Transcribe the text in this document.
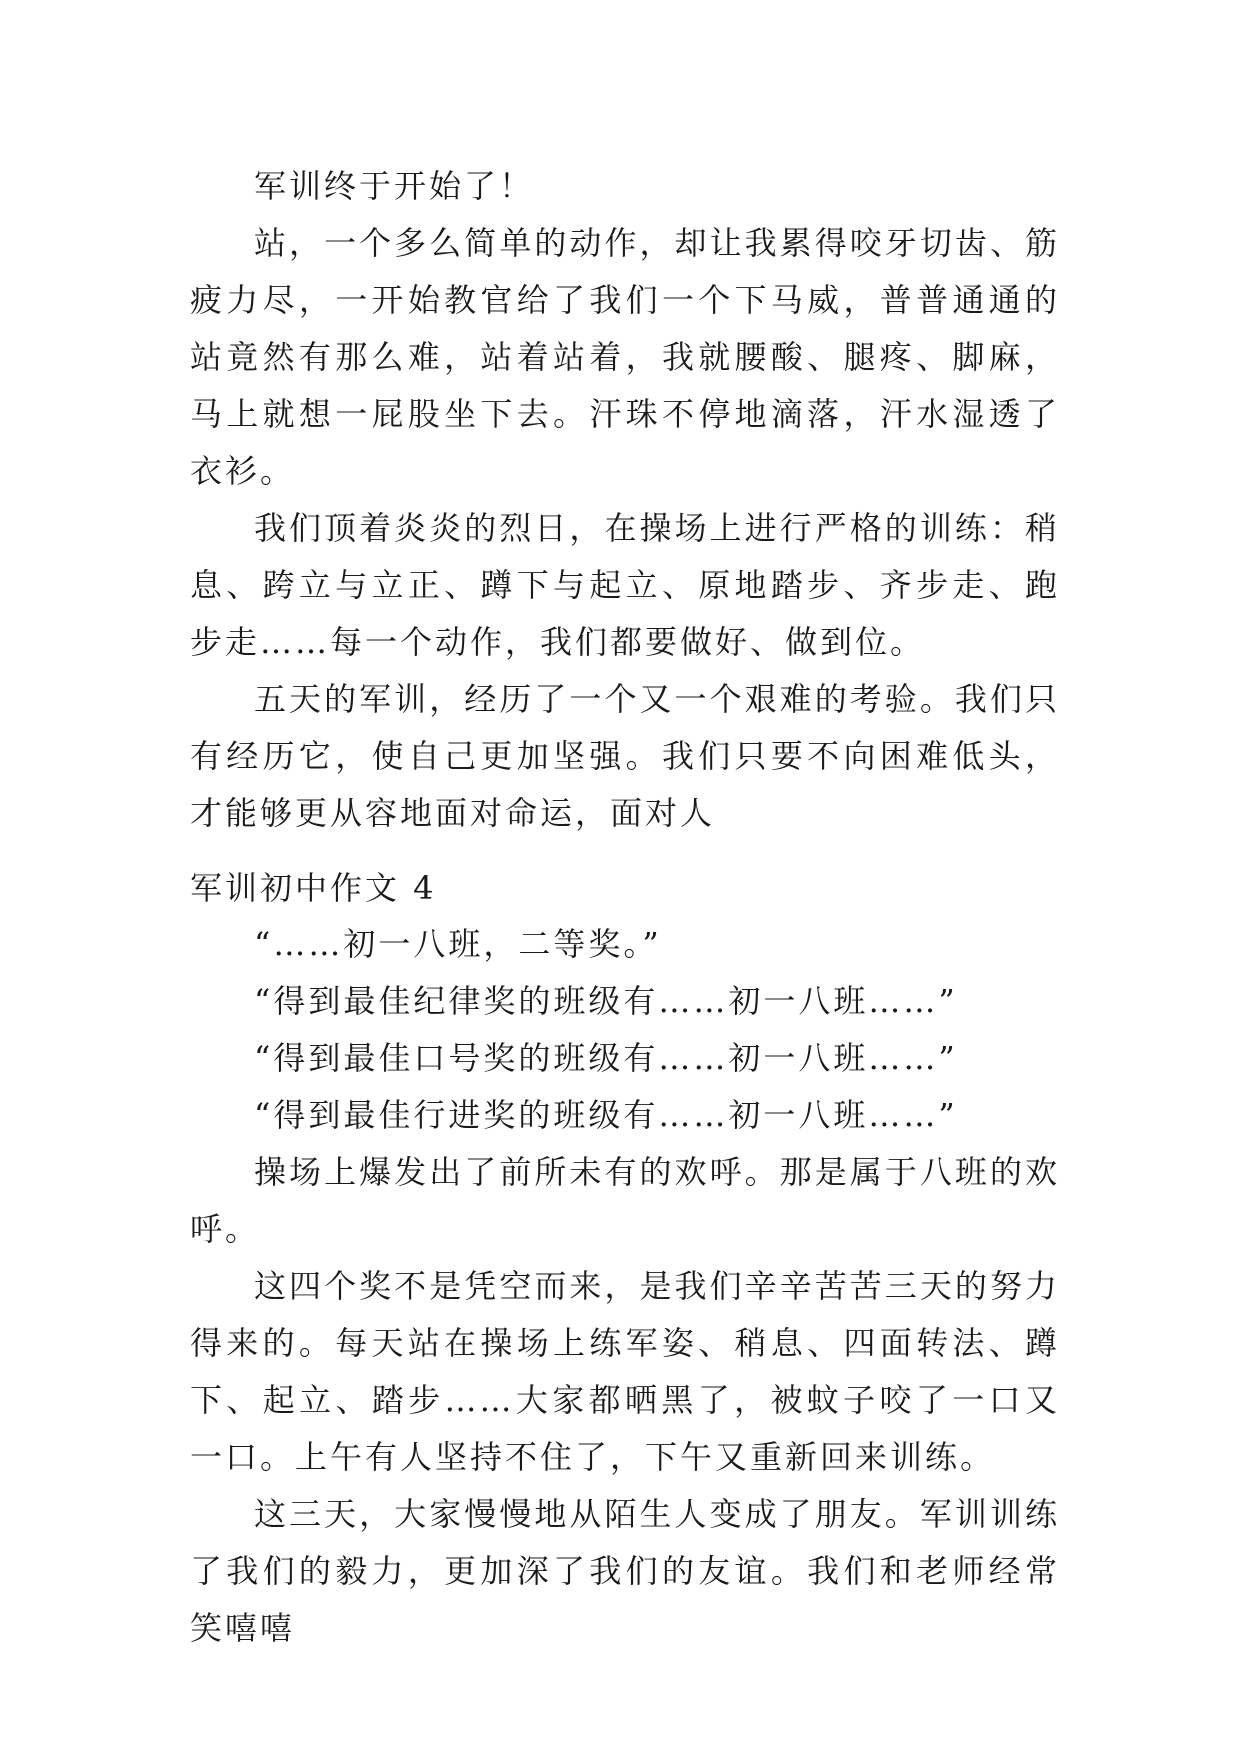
军训终于开始了！

站，一个多么简单的动作，却让我累得咬牙切齿、筋疲力尽，一开始教官给了我们一个下马威，普普通通的站竟然有那么难，站着站着，我就腰酸、腿疼、脚麻，马上就想一屁股坐下去。汗珠不停地滴落，汗水湿透了衣衫。

我们顶着炎炎的烈日，在操场上进行严格的训练：稍息、跨立与立正、蹲下与起立、原地踏步、齐步走、跑步走……每一个动作，我们都要做好、做到位。

五天的军训，经历了一个又一个艰难的考验。我们只有经历它，使自己更加坚强。我们只要不向困难低头，才能够更从容地面对命运，面对人

军训初中作文 4

“……初一八班，二等奖。”

“得到最佳纪律奖的班级有……初一八班……”

“得到最佳口号奖的班级有……初一八班……”

“得到最佳行进奖的班级有……初一八班……”

操场上爆发出了前所未有的欢呼。那是属于八班的欢呼。

这四个奖不是凭空而来，是我们辛辛苦苦三天的努力得来的。每天站在操场上练军姿、稍息、四面转法、蹲下、起立、踏步……大家都晒黑了，被蚊子咬了一口又一口。上午有人坚持不住了，下午又重新回来训练。

这三天，大家慢慢地从陌生人变成了朋友。军训训练了我们的毅力，更加深了我们的友谊。我们和老师经常笑嘻嘻
